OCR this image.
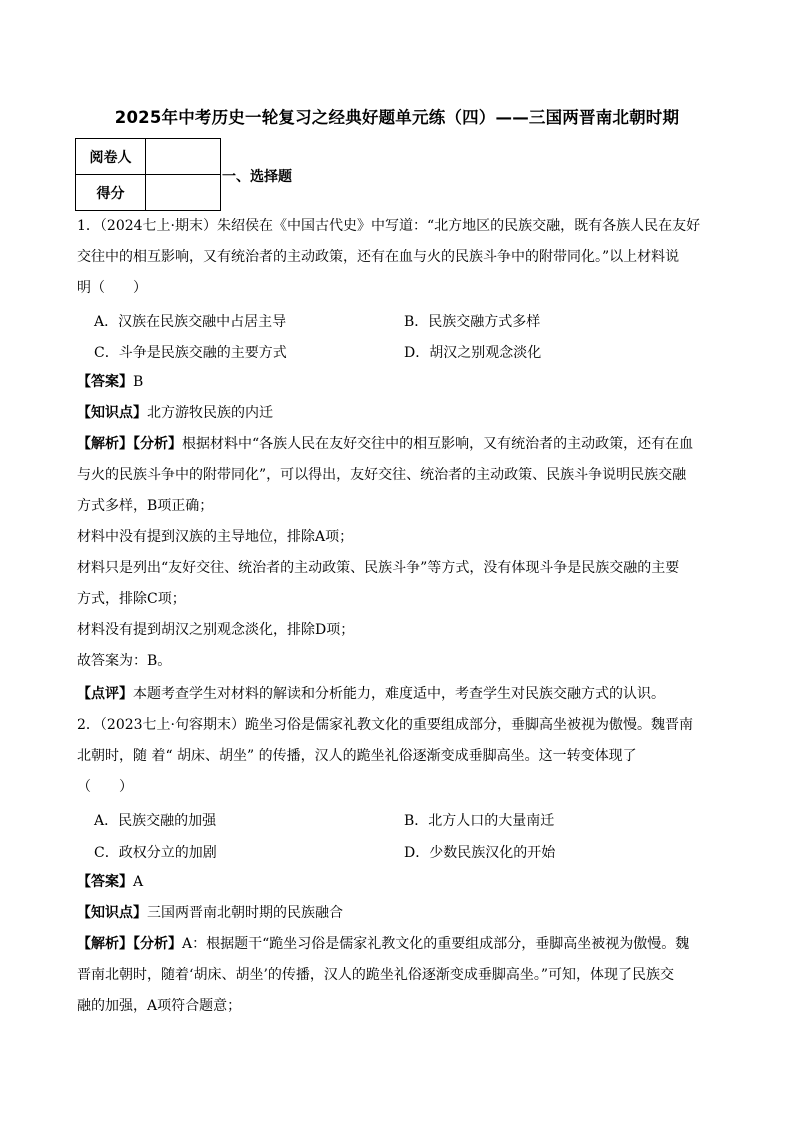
2025年中考历史一轮复习之经典好题单元练（四）——三国两晋南北朝时期
阅卷人	
得分	
一、选择题
1．（2024七上·期末）朱绍侯在《中国古代史》中写道：“北方地区的民族交融，既有各族人民在友好
交往中的相互影响，又有统治者的主动政策，还有在血与火的民族斗争中的附带同化。”以上材料说
明（　　）
A．汉族在民族交融中占居主导	B．民族交融方式多样
C．斗争是民族交融的主要方式	D．胡汉之别观念淡化
【答案】B
【知识点】北方游牧民族的内迁
【解析】【分析】根据材料中“各族人民在友好交往中的相互影响，又有统治者的主动政策，还有在血
与火的民族斗争中的附带同化”，可以得出，友好交往、统治者的主动政策、民族斗争说明民族交融
方式多样，B项正确；
材料中没有提到汉族的主导地位，排除A项；
材料只是列出“友好交往、统治者的主动政策、民族斗争”等方式，没有体现斗争是民族交融的主要
方式，排除C项；
材料没有提到胡汉之别观念淡化，排除D项；
故答案为：B。
【点评】本题考查学生对材料的解读和分析能力，难度适中，考查学生对民族交融方式的认识。
2．（2023七上·句容期末）跪坐习俗是儒家礼教文化的重要组成部分，垂脚高坐被视为傲慢。魏晋南
北朝时，随 着“ 胡床、胡坐” 的传播，汉人的跪坐礼俗逐渐变成垂脚高坐。这一转变体现了
（　　）
A．民族交融的加强	B．北方人口的大量南迁
C．政权分立的加剧	D．少数民族汉化的开始
【答案】A
【知识点】三国两晋南北朝时期的民族融合
【解析】【分析】A：根据题干“跪坐习俗是儒家礼教文化的重要组成部分，垂脚高坐被视为傲慢。魏
晋南北朝时，随着‘胡床、胡坐’的传播，汉人的跪坐礼俗逐渐变成垂脚高坐。”可知，体现了民族交
融的加强，A项符合题意；
